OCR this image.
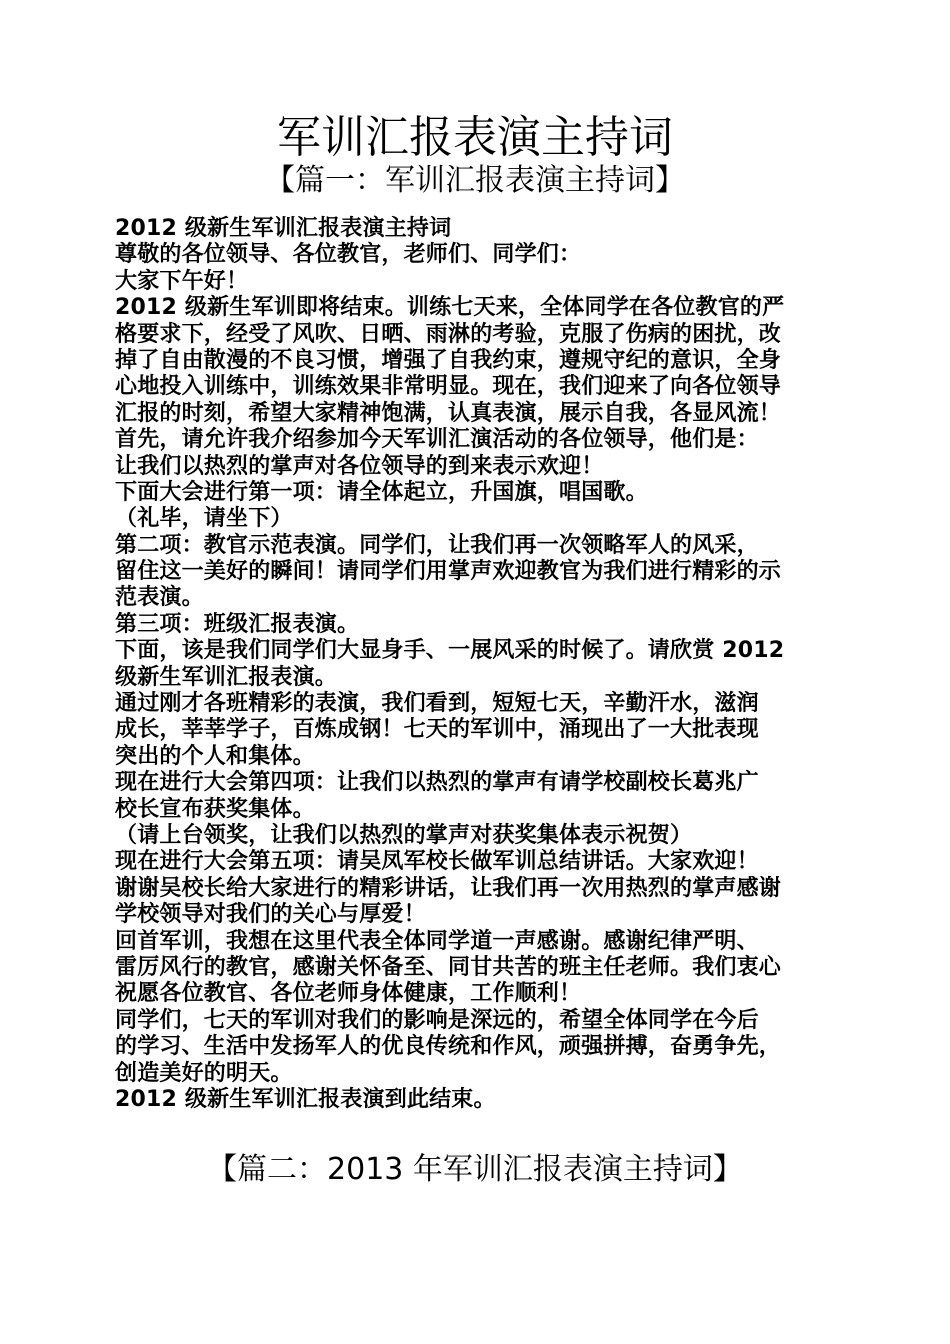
军训汇报表演主持词
【篇一：军训汇报表演主持词】
2012 级新生军训汇报表演主持词
尊敬的各位领导、各位教官，老师们、同学们：
大家下午好！
2012 级新生军训即将结束。训练七天来，全体同学在各位教官的严
格要求下，经受了风吹、日晒、雨淋的考验，克服了伤病的困扰，改
掉了自由散漫的不良习惯，增强了自我约束，遵规守纪的意识，全身
心地投入训练中，训练效果非常明显。现在，我们迎来了向各位领导
汇报的时刻，希望大家精神饱满，认真表演，展示自我，各显风流！
首先，请允许我介绍参加今天军训汇演活动的各位领导，他们是：
让我们以热烈的掌声对各位领导的到来表示欢迎！
下面大会进行第一项：请全体起立，升国旗，唱国歌。
（礼毕，请坐下）
第二项：教官示范表演。同学们，让我们再一次领略军人的风采，
留住这一美好的瞬间！请同学们用掌声欢迎教官为我们进行精彩的示
范表演。
第三项：班级汇报表演。
下面，该是我们同学们大显身手、一展风采的时候了。请欣赏 2012
级新生军训汇报表演。
通过刚才各班精彩的表演，我们看到，短短七天，辛勤汗水，滋润
成长，莘莘学子，百炼成钢！七天的军训中，涌现出了一大批表现
突出的个人和集体。
现在进行大会第四项：让我们以热烈的掌声有请学校副校长葛兆广
校长宣布获奖集体。
（请上台领奖，让我们以热烈的掌声对获奖集体表示祝贺）
现在进行大会第五项：请吴凤军校长做军训总结讲话。大家欢迎！
谢谢吴校长给大家进行的精彩讲话，让我们再一次用热烈的掌声感谢
学校领导对我们的关心与厚爱！
回首军训，我想在这里代表全体同学道一声感谢。感谢纪律严明、
雷厉风行的教官，感谢关怀备至、同甘共苦的班主任老师。我们衷心
祝愿各位教官、各位老师身体健康，工作顺利！
同学们，七天的军训对我们的影响是深远的，希望全体同学在今后
的学习、生活中发扬军人的优良传统和作风，顽强拼搏，奋勇争先，
创造美好的明天。
2012 级新生军训汇报表演到此结束。
【篇二：2013 年军训汇报表演主持词】
